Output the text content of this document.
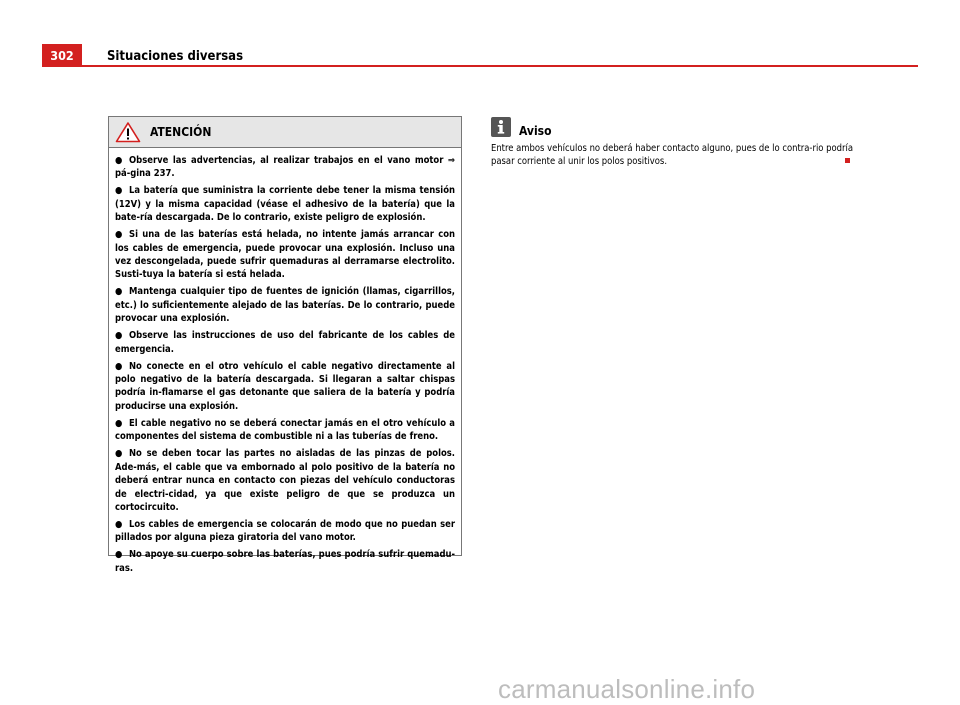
302	Situaciones diversas
ATENCIÓN

● Observe las advertencias, al realizar trabajos en el vano motor ⇒ pá-gina 237.

● La batería que suministra la corriente debe tener la misma tensión (12V) y la misma capacidad (véase el adhesivo de la batería) que la bate-ría descargada. De lo contrario, existe peligro de explosión.

● Si una de las baterías está helada, no intente jamás arrancar con los cables de emergencia, puede provocar una explosión. Incluso una vez descongelada, puede sufrir quemaduras al derramarse electrolito. Susti-tuya la batería si está helada.

● Mantenga cualquier tipo de fuentes de ignición (llamas, cigarrillos, etc.) lo suficientemente alejado de las baterías. De lo contrario, puede provocar una explosión.

● Observe las instrucciones de uso del fabricante de los cables de emergencia.

● No conecte en el otro vehículo el cable negativo directamente al polo negativo de la batería descargada. Si llegaran a saltar chispas podría in-flamarse el gas detonante que saliera de la batería y podría producirse una explosión.

● El cable negativo no se deberá conectar jamás en el otro vehículo a componentes del sistema de combustible ni a las tuberías de freno.

● No se deben tocar las partes no aisladas de las pinzas de polos. Ade-más, el cable que va embornado al polo positivo de la batería no deberá entrar nunca en contacto con piezas del vehículo conductoras de electri-cidad, ya que existe peligro de que se produzca un cortocircuito.

● Los cables de emergencia se colocarán de modo que no puedan ser pillados por alguna pieza giratoria del vano motor.

● No apoye su cuerpo sobre las baterías, pues podría sufrir quemadu-ras.

Aviso
Entre ambos vehículos no deberá haber contacto alguno, pues de lo contra-rio podría pasar corriente al unir los polos positivos.
carmanualsonline.info
